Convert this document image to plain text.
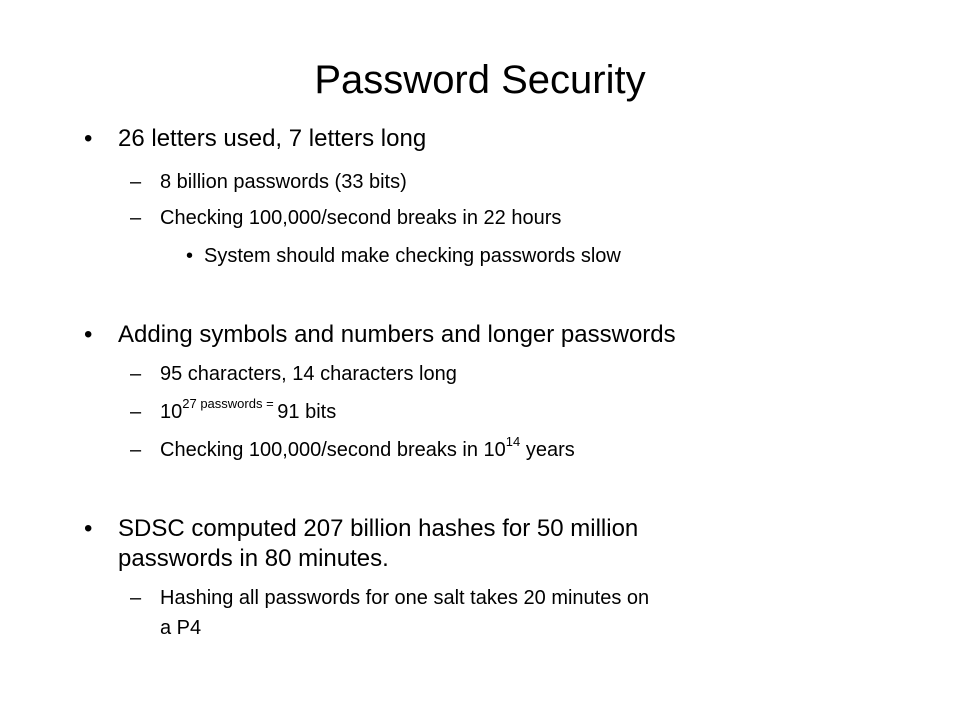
Password Security
• 26 letters used, 7 letters long
– 8 billion passwords (33 bits)
– Checking 100,000/second breaks in 22 hours
• System should make checking passwords slow
• Adding symbols and numbers and longer passwords
– 95 characters, 14 characters long
– $10^{27}$ $^{passwords =}$ 91 bits
– Checking 100,000/second breaks in $10^{14}$ years
• SDSC computed 207 billion hashes for 50 million
passwords in 80 minutes.
– Hashing all passwords for one salt takes 20 minutes on
a P4
